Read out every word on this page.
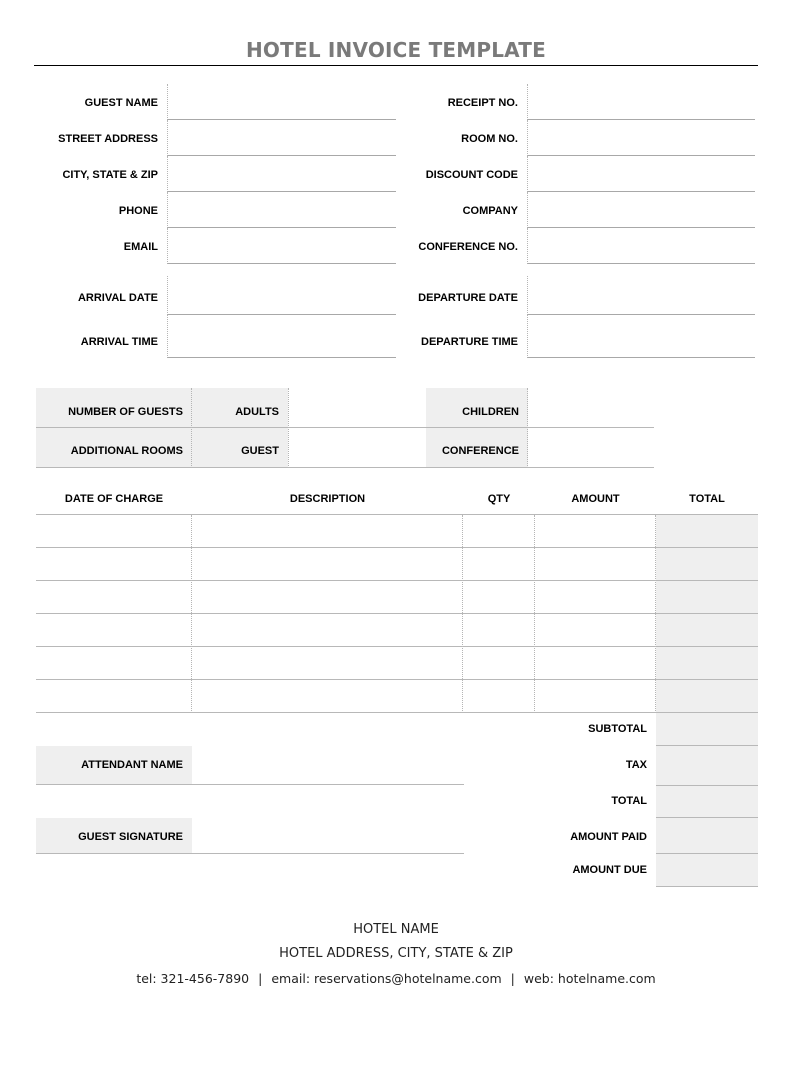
HOTEL INVOICE TEMPLATE
GUEST NAME
STREET ADDRESS
CITY, STATE & ZIP
PHONE
EMAIL
RECEIPT NO.
ROOM NO.
DISCOUNT CODE
COMPANY
CONFERENCE NO.
ARRIVAL DATE
ARRIVAL TIME
DEPARTURE DATE
DEPARTURE TIME
NUMBER OF GUESTS	ADULTS	CHILDREN
ADDITIONAL ROOMS	GUEST	CONFERENCE
DATE OF CHARGE	DESCRIPTION	QTY	AMOUNT	TOTAL
SUBTOTAL
TAX
TOTAL
AMOUNT PAID
AMOUNT DUE
ATTENDANT NAME
GUEST SIGNATURE
HOTEL NAME
HOTEL ADDRESS, CITY, STATE & ZIP
tel: 321-456-7890 | email: reservations@hotelname.com | web: hotelname.com
